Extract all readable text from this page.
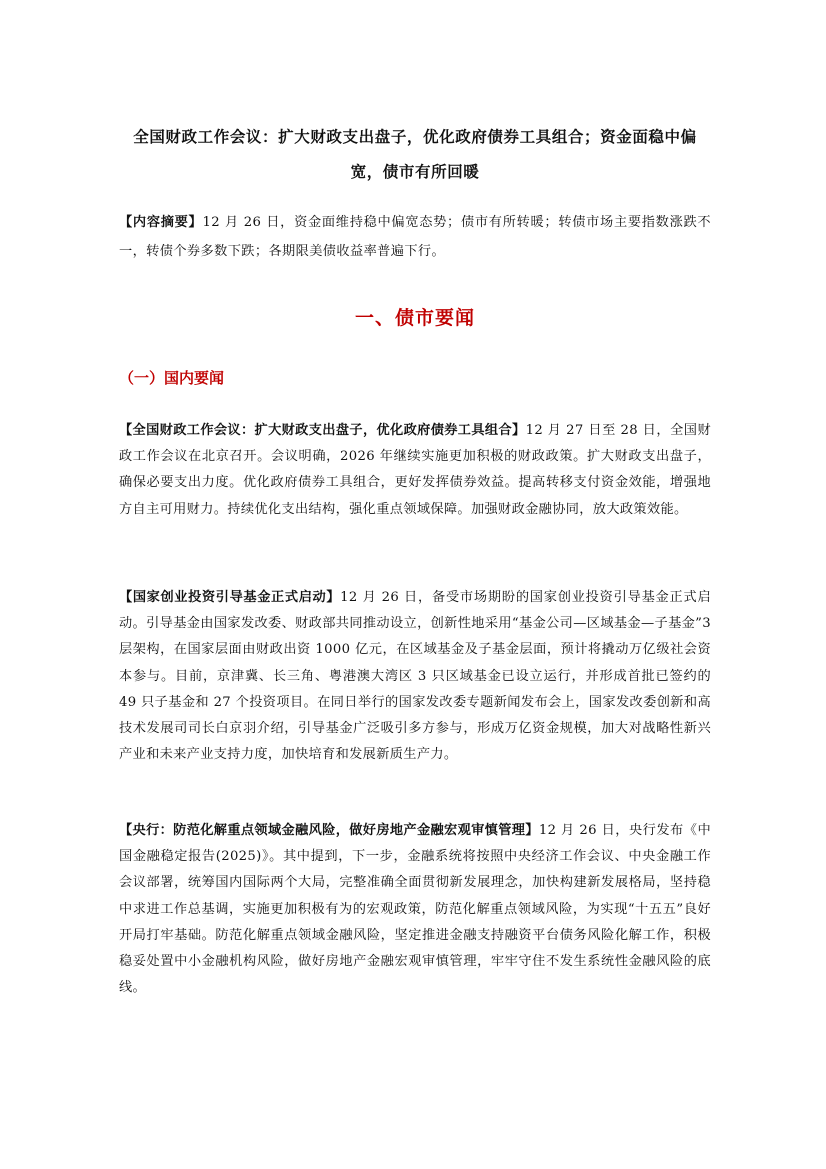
全国财政工作会议：扩大财政支出盘子，优化政府债券工具组合；资金面稳中偏宽，债市有所回暖

【内容摘要】12 月 26 日，资金面维持稳中偏宽态势；债市有所转暖；转债市场主要指数涨跌不一，转债个券多数下跌；各期限美债收益率普遍下行。

一、债市要闻
（一）国内要闻

【全国财政工作会议：扩大财政支出盘子，优化政府债券工具组合】12 月 27 日至 28 日，全国财政工作会议在北京召开。会议明确，2026 年继续实施更加积极的财政政策。扩大财政支出盘子，确保必要支出力度。优化政府债券工具组合，更好发挥债券效益。提高转移支付资金效能，增强地方自主可用财力。持续优化支出结构，强化重点领域保障。加强财政金融协同，放大政策效能。

【国家创业投资引导基金正式启动】12 月 26 日，备受市场期盼的国家创业投资引导基金正式启动。引导基金由国家发改委、财政部共同推动设立，创新性地采用“基金公司—区域基金—子基金”3 层架构，在国家层面由财政出资 1000 亿元，在区域基金及子基金层面，预计将撬动万亿级社会资本参与。目前，京津冀、长三角、粤港澳大湾区 3 只区域基金已设立运行，并形成首批已签约的 49 只子基金和 27 个投资项目。在同日举行的国家发改委专题新闻发布会上，国家发改委创新和高技术发展司司长白京羽介绍，引导基金广泛吸引多方参与，形成万亿资金规模，加大对战略性新兴产业和未来产业支持力度，加快培育和发展新质生产力。

【央行：防范化解重点领域金融风险，做好房地产金融宏观审慎管理】12 月 26 日，央行发布《中国金融稳定报告(2025)》。其中提到，下一步，金融系统将按照中央经济工作会议、中央金融工作会议部署，统筹国内国际两个大局，完整准确全面贯彻新发展理念，加快构建新发展格局，坚持稳中求进工作总基调，实施更加积极有为的宏观政策，防范化解重点领域风险，为实现“十五五”良好开局打牢基础。防范化解重点领域金融风险，坚定推进金融支持融资平台债务风险化解工作，积极稳妥处置中小金融机构风险，做好房地产金融宏观审慎管理，牢牢守住不发生系统性金融风险的底线。
